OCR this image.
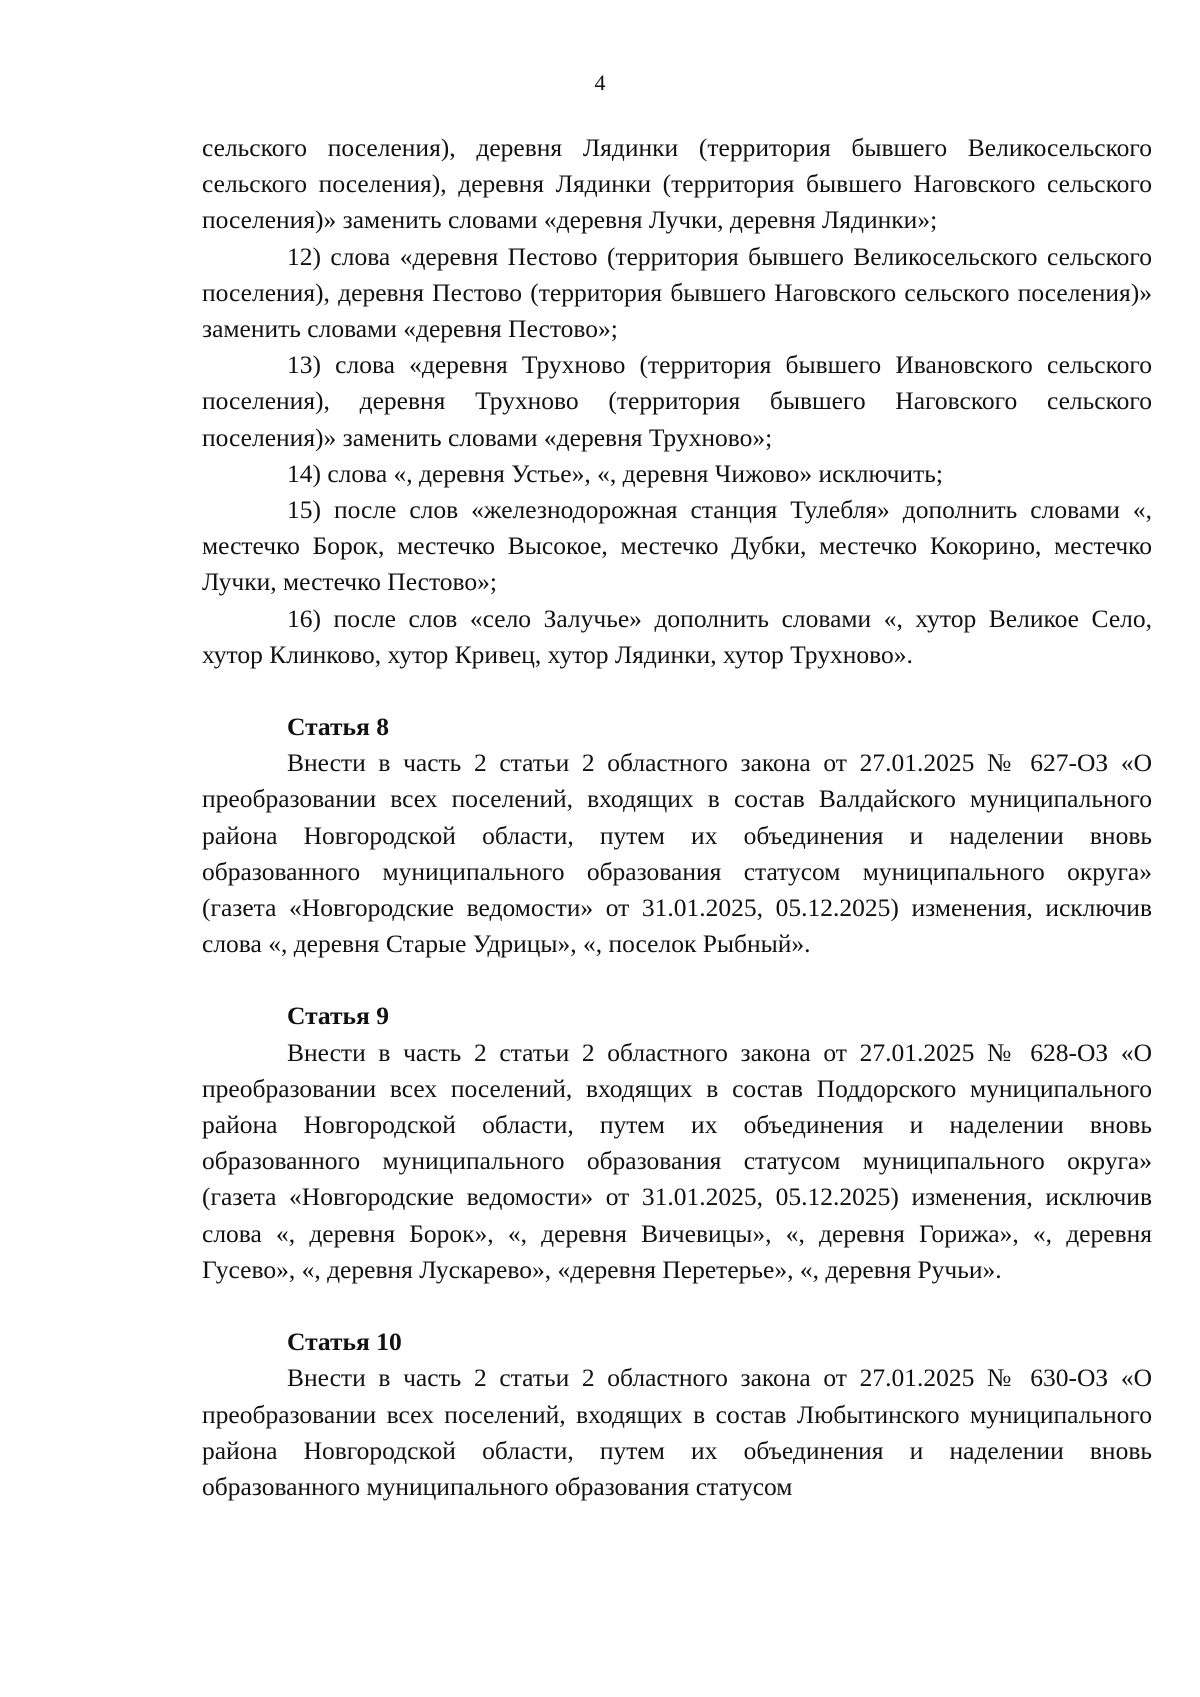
4

сельского поселения), деревня Лядинки (территория бывшего Великосельского сельского поселения), деревня Лядинки (территория бывшего Наговского сельского поселения)» заменить словами «деревня Лучки, деревня Лядинки»;

12) слова «деревня Пестово (территория бывшего Великосельского сельского поселения), деревня Пестово (территория бывшего Наговского сельского поселения)» заменить словами «деревня Пестово»;

13) слова «деревня Трухново (территория бывшего Ивановского сельского поселения), деревня Трухново (территория бывшего Наговского сельского поселения)» заменить словами «деревня Трухново»;

14) слова «, деревня Устье», «, деревня Чижово» исключить;

15) после слов «железнодорожная станция Тулебля» дополнить словами «, местечко Борок, местечко Высокое, местечко Дубки, местечко Кокорино, местечко Лучки, местечко Пестово»;

16) после слов «село Залучье» дополнить словами «, хутор Великое Село, хутор Клинково, хутор Кривец, хутор Лядинки, хутор Трухново».

Статья 8

Внести в часть 2 статьи 2 областного закона от 27.01.2025 № 627-ОЗ «О преобразовании всех поселений, входящих в состав Валдайского муниципального района Новгородской области, путем их объединения и наделении вновь образованного муниципального образования статусом муниципального округа» (газета «Новгородские ведомости» от 31.01.2025, 05.12.2025) изменения, исключив слова «, деревня Старые Удрицы», «, поселок Рыбный».

Статья 9

Внести в часть 2 статьи 2 областного закона от 27.01.2025 № 628-ОЗ «О преобразовании всех поселений, входящих в состав Поддорского муниципального района Новгородской области, путем их объединения и наделении вновь образованного муниципального образования статусом муниципального округа» (газета «Новгородские ведомости» от 31.01.2025, 05.12.2025) изменения, исключив слова «, деревня Борок», «, деревня Вичевицы», «, деревня Горижа», «, деревня Гусево», «, деревня Лускарево», «деревня Перетерье», «, деревня Ручьи».

Статья 10

Внести в часть 2 статьи 2 областного закона от 27.01.2025 № 630-ОЗ «О преобразовании всех поселений, входящих в состав Любытинского муниципального района Новгородской области, путем их объединения и наделении вновь образованного муниципального образования статусом
